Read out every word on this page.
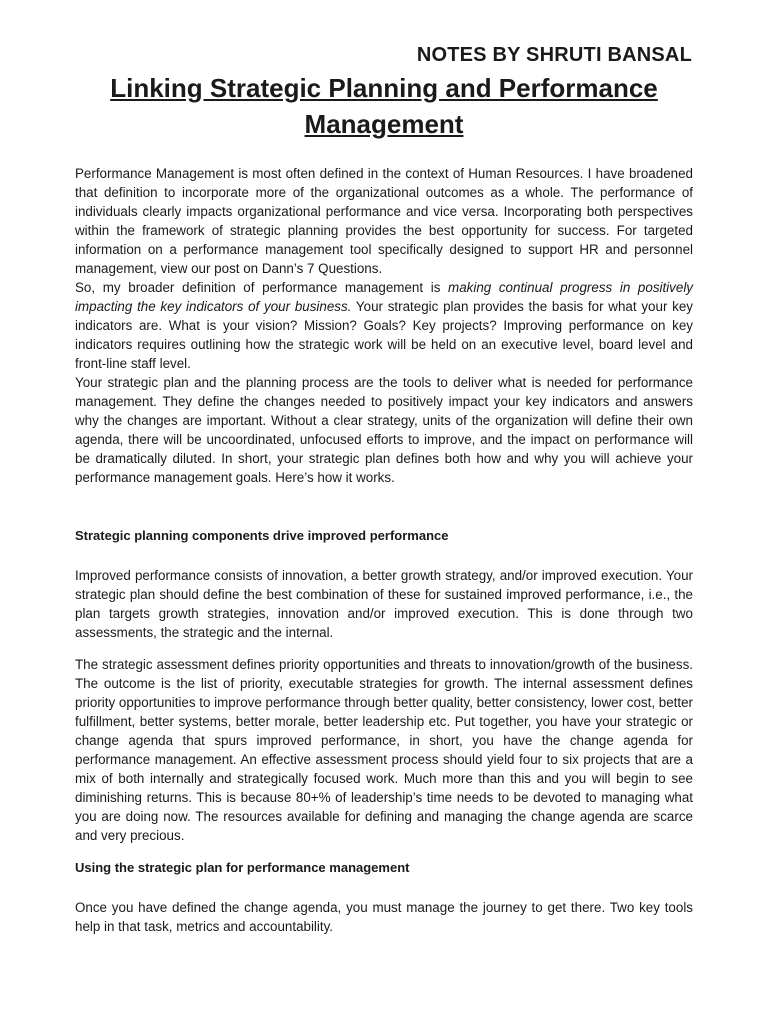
NOTES BY SHRUTI BANSAL
Linking Strategic Planning and Performance Management

Performance Management is most often defined in the context of Human Resources. I have broadened that definition to incorporate more of the organizational outcomes as a whole. The performance of individuals clearly impacts organizational performance and vice versa. Incorporating both perspectives within the framework of strategic planning provides the best opportunity for success. For targeted information on a performance management tool specifically designed to support HR and personnel management, view our post on Dann’s 7 Questions.

So, my broader definition of performance management is making continual progress in positively impacting the key indicators of your business. Your strategic plan provides the basis for what your key indicators are. What is your vision? Mission? Goals? Key projects? Improving performance on key indicators requires outlining how the strategic work will be held on an executive level, board level and front-line staff level.

Your strategic plan and the planning process are the tools to deliver what is needed for performance management. They define the changes needed to positively impact your key indicators and answers why the changes are important. Without a clear strategy, units of the organization will define their own agenda, there will be uncoordinated, unfocused efforts to improve, and the impact on performance will be dramatically diluted. In short, your strategic plan defines both how and why you will achieve your performance management goals. Here’s how it works.

Strategic planning components drive improved performance

Improved performance consists of innovation, a better growth strategy, and/or improved execution. Your strategic plan should define the best combination of these for sustained improved performance, i.e., the plan targets growth strategies, innovation and/or improved execution. This is done through two assessments, the strategic and the internal.

The strategic assessment defines priority opportunities and threats to innovation/growth of the business. The outcome is the list of priority, executable strategies for growth. The internal assessment defines priority opportunities to improve performance through better quality, better consistency, lower cost, better fulfillment, better systems, better morale, better leadership etc. Put together, you have your strategic or change agenda that spurs improved performance, in short, you have the change agenda for performance management. An effective assessment process should yield four to six projects that are a mix of both internally and strategically focused work. Much more than this and you will begin to see diminishing returns. This is because 80+% of leadership’s time needs to be devoted to managing what you are doing now. The resources available for defining and managing the change agenda are scarce and very precious.

Using the strategic plan for performance management

Once you have defined the change agenda, you must manage the journey to get there. Two key tools help in that task, metrics and accountability.
